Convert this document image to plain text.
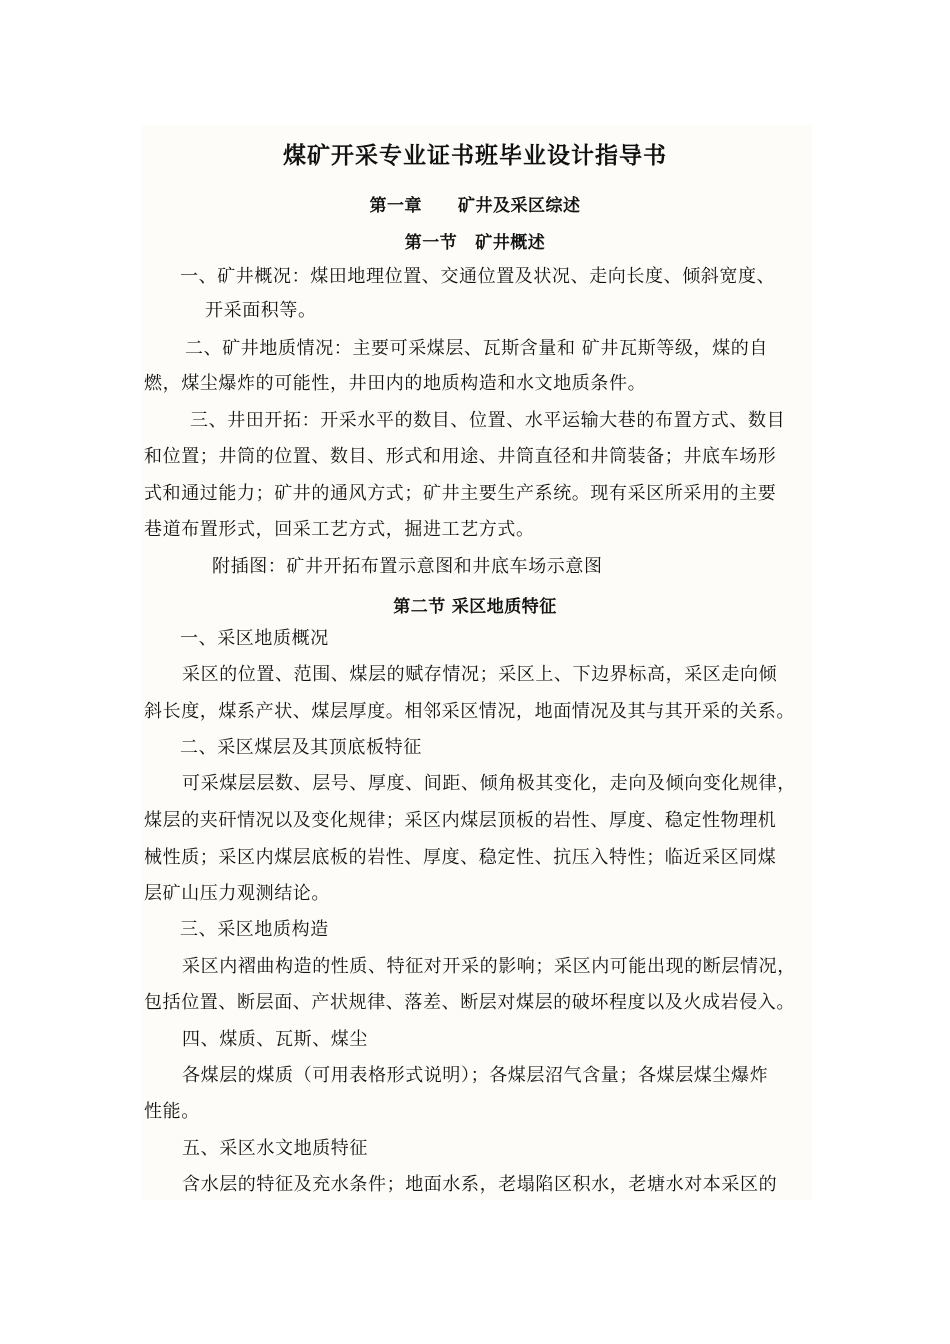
煤矿开采专业证书班毕业设计指导书
第一章 矿井及采区综述
第一节 矿井概述
一、矿井概况：煤田地理位置、交通位置及状况、走向长度、倾斜宽度、
开采面积等。
二、矿井地质情况：主要可采煤层、瓦斯含量和 矿井瓦斯等级，煤的自
燃，煤尘爆炸的可能性，井田内的地质构造和水文地质条件。
三、井田开拓：开采水平的数目、位置、水平运输大巷的布置方式、数目
和位置；井筒的位置、数目、形式和用途、井筒直径和井筒装备；井底车场形
式和通过能力；矿井的通风方式；矿井主要生产系统。现有采区所采用的主要
巷道布置形式，回采工艺方式，掘进工艺方式。
附插图：矿井开拓布置示意图和井底车场示意图
第二节 采区地质特征
一、采区地质概况
采区的位置、范围、煤层的赋存情况；采区上、下边界标高，采区走向倾
斜长度，煤系产状、煤层厚度。相邻采区情况，地面情况及其与其开采的关系。
二、采区煤层及其顶底板特征
可采煤层层数、层号、厚度、间距、倾角极其变化，走向及倾向变化规律，
煤层的夹矸情况以及变化规律；采区内煤层顶板的岩性、厚度、稳定性物理机
械性质；采区内煤层底板的岩性、厚度、稳定性、抗压入特性；临近采区同煤
层矿山压力观测结论。
三、采区地质构造
采区内褶曲构造的性质、特征对开采的影响；采区内可能出现的断层情况，
包括位置、断层面、产状规律、落差、断层对煤层的破坏程度以及火成岩侵入。
四、煤质、瓦斯、煤尘
各煤层的煤质（可用表格形式说明）；各煤层沼气含量；各煤层煤尘爆炸
性能。
五、采区水文地质特征
含水层的特征及充水条件；地面水系，老塌陷区积水，老塘水对本采区的
